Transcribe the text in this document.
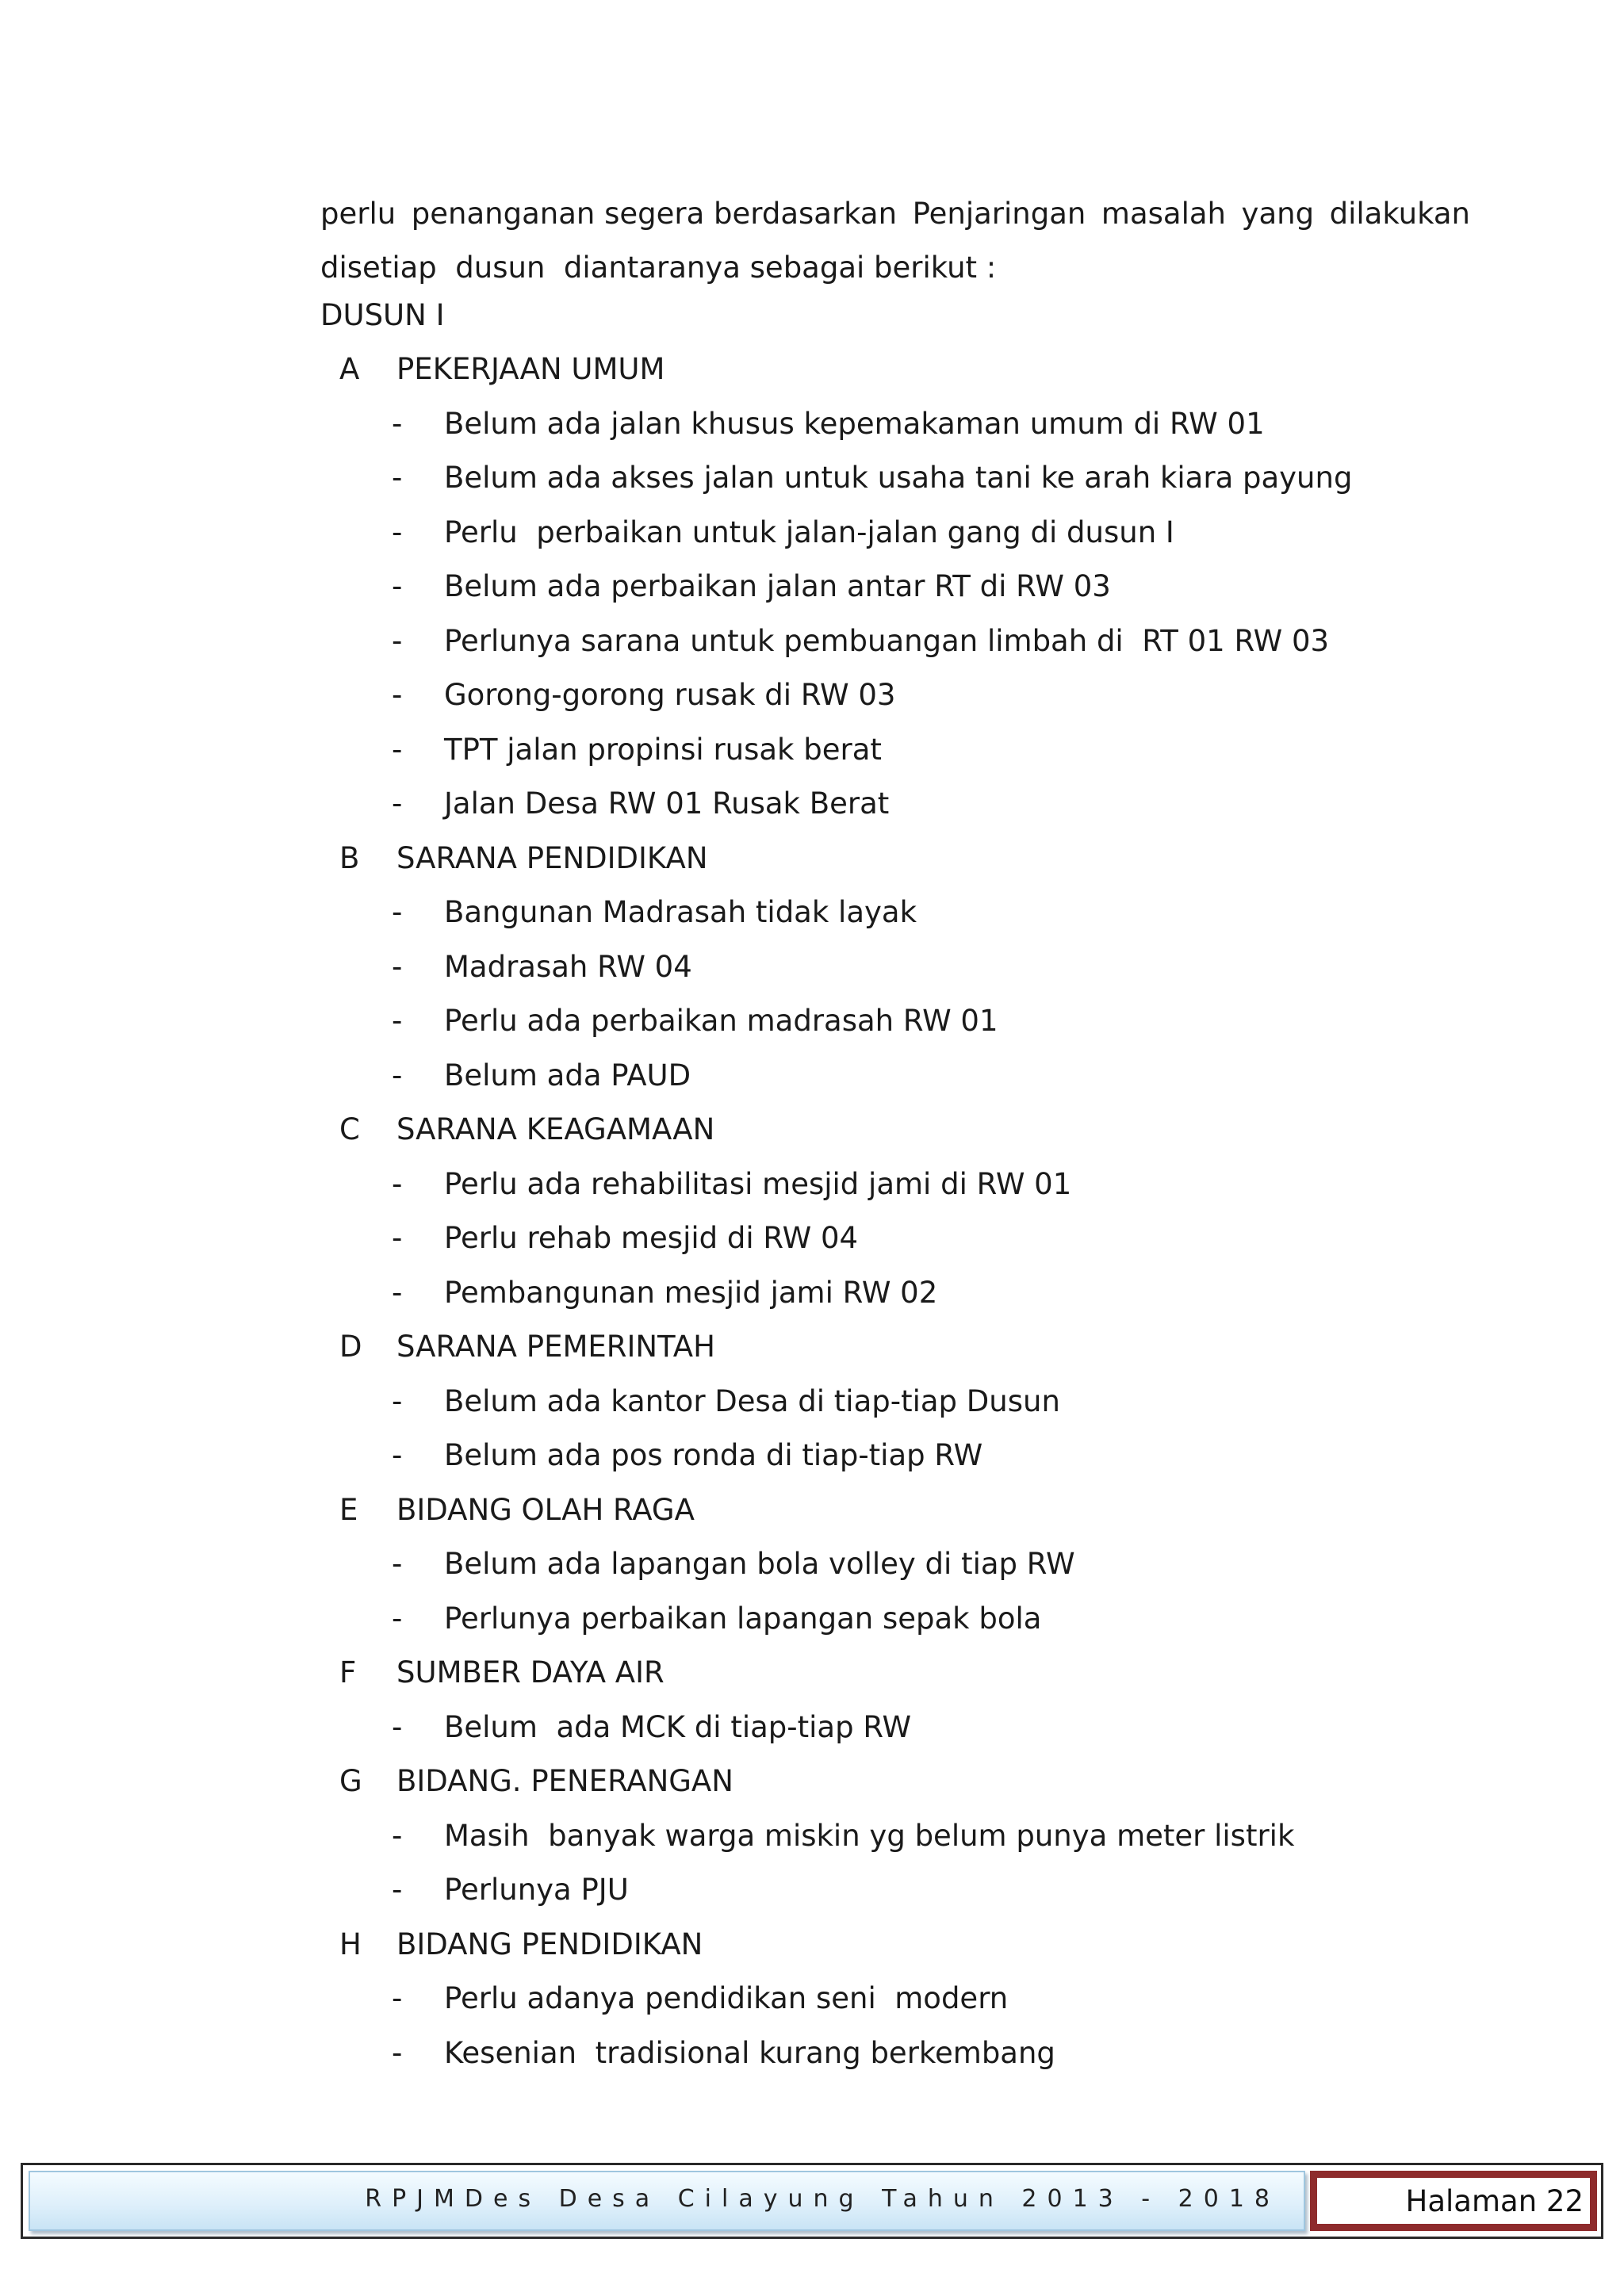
perlu penanganan segera berdasarkan Penjaringan masalah yang dilakukan
disetiap  dusun  diantaranya sebagai berikut :
DUSUN I
A	PEKERJAAN UMUM
-	Belum ada jalan khusus kepemakaman umum di RW 01
-	Belum ada akses jalan untuk usaha tani ke arah kiara payung
-	Perlu  perbaikan untuk jalan-jalan gang di dusun I
-	Belum ada perbaikan jalan antar RT di RW 03
-	Perlunya sarana untuk pembuangan limbah di  RT 01 RW 03
-	Gorong-gorong rusak di RW 03
-	TPT jalan propinsi rusak berat
-	Jalan Desa RW 01 Rusak Berat
B	SARANA PENDIDIKAN
-	Bangunan Madrasah tidak layak
-	Madrasah RW 04
-	Perlu ada perbaikan madrasah RW 01
-	Belum ada PAUD
C	SARANA KEAGAMAAN
-	Perlu ada rehabilitasi mesjid jami di RW 01
-	Perlu rehab mesjid di RW 04
-	Pembangunan mesjid jami RW 02
D	SARANA PEMERINTAH
-	Belum ada kantor Desa di tiap-tiap Dusun
-	Belum ada pos ronda di tiap-tiap RW
E	BIDANG OLAH RAGA
-	Belum ada lapangan bola volley di tiap RW
-	Perlunya perbaikan lapangan sepak bola
F	SUMBER DAYA AIR
-	Belum  ada MCK di tiap-tiap RW
G	BIDANG. PENERANGAN
-	Masih  banyak warga miskin yg belum punya meter listrik
-	Perlunya PJU
H	BIDANG PENDIDIKAN
-	Perlu adanya pendidikan seni  modern
-	Kesenian  tradisional kurang berkembang
RPJMDes Desa Cilayung Tahun 2013 - 2018	Halaman 22
